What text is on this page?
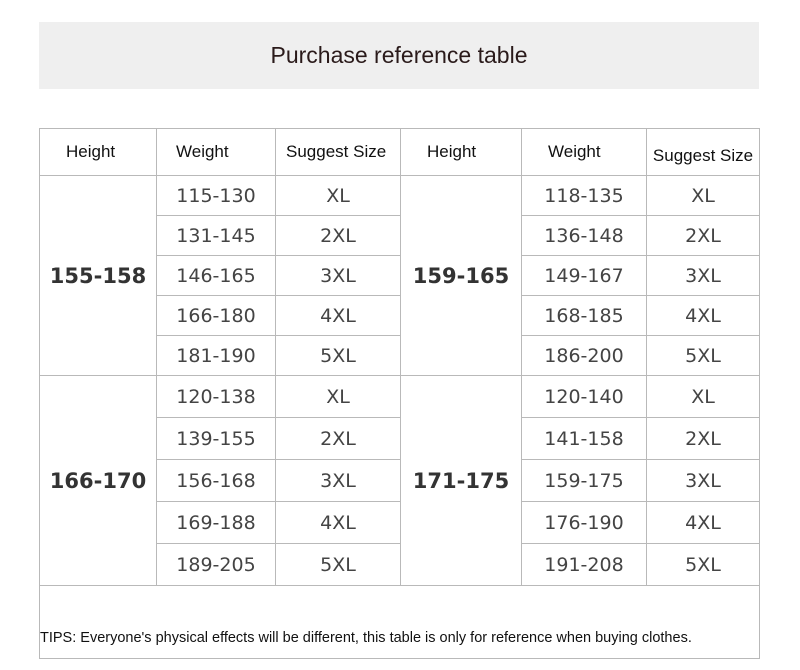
Purchase reference table
Height	Weight	Suggest Size	Height	Weight	Suggest Size
155-158	115-130	XL	159-165	118-135	XL
	131-145	2XL		136-148	2XL
	146-165	3XL		149-167	3XL
	166-180	4XL		168-185	4XL
	181-190	5XL		186-200	5XL
166-170	120-138	XL	171-175	120-140	XL
	139-155	2XL		141-158	2XL
	156-168	3XL		159-175	3XL
	169-188	4XL		176-190	4XL
	189-205	5XL		191-208	5XL
TIPS: Everyone's physical effects will be different, this table is only for reference when buying clothes.					
